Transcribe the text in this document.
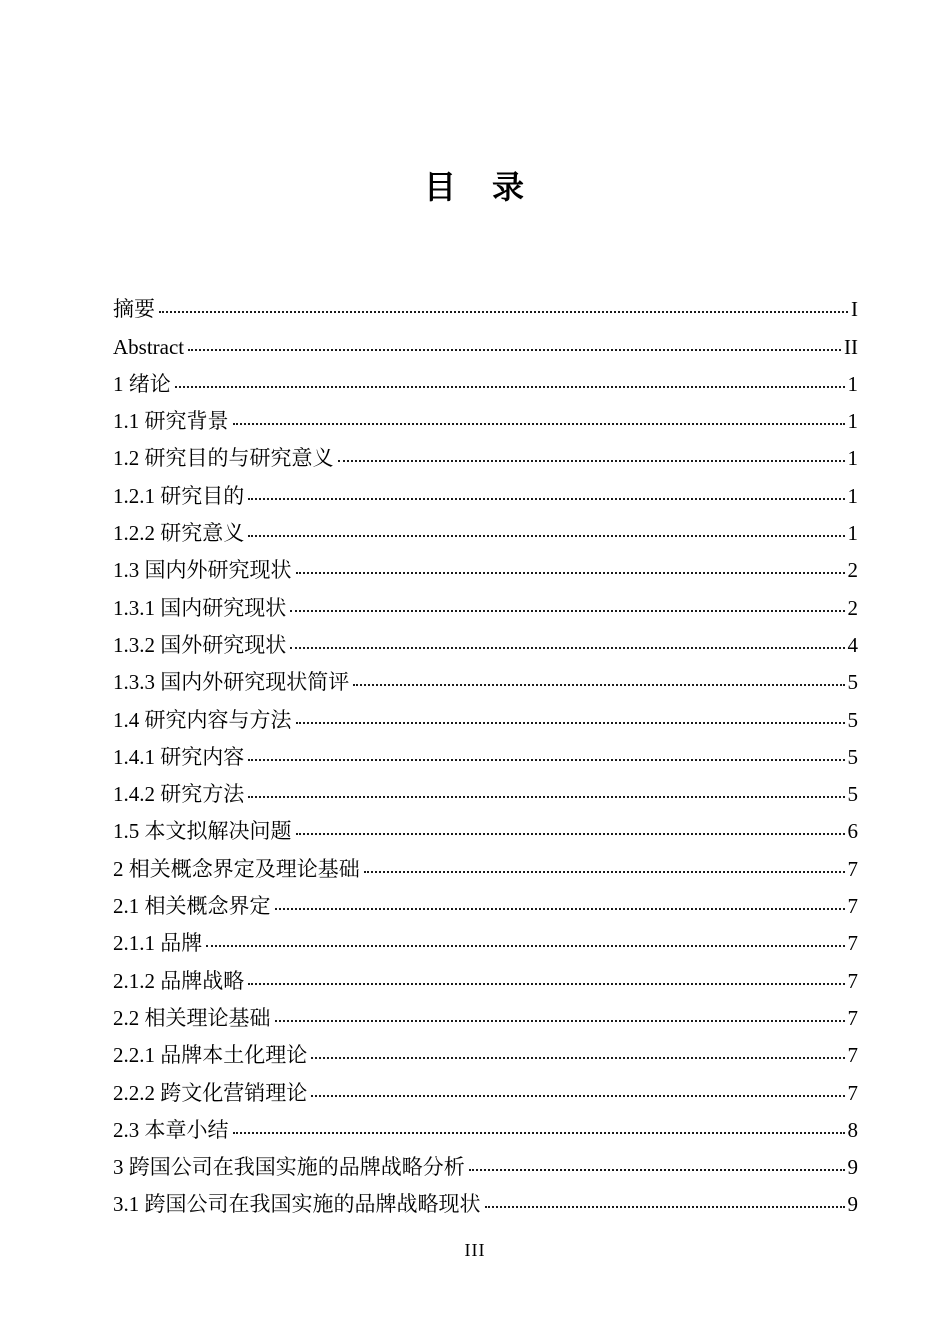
目　录
摘要	I
Abstract	II
1 绪论	1
1.1 研究背景	1
1.2 研究目的与研究意义	1
1.2.1 研究目的	1
1.2.2 研究意义	1
1.3 国内外研究现状	2
1.3.1 国内研究现状	2
1.3.2 国外研究现状	4
1.3.3 国内外研究现状简评	5
1.4 研究内容与方法	5
1.4.1 研究内容	5
1.4.2 研究方法	5
1.5 本文拟解决问题	6
2 相关概念界定及理论基础	7
2.1 相关概念界定	7
2.1.1 品牌	7
2.1.2 品牌战略	7
2.2 相关理论基础	7
2.2.1 品牌本土化理论	7
2.2.2 跨文化营销理论	7
2.3 本章小结	8
3 跨国公司在我国实施的品牌战略分析	9
3.1 跨国公司在我国实施的品牌战略现状	9
III
